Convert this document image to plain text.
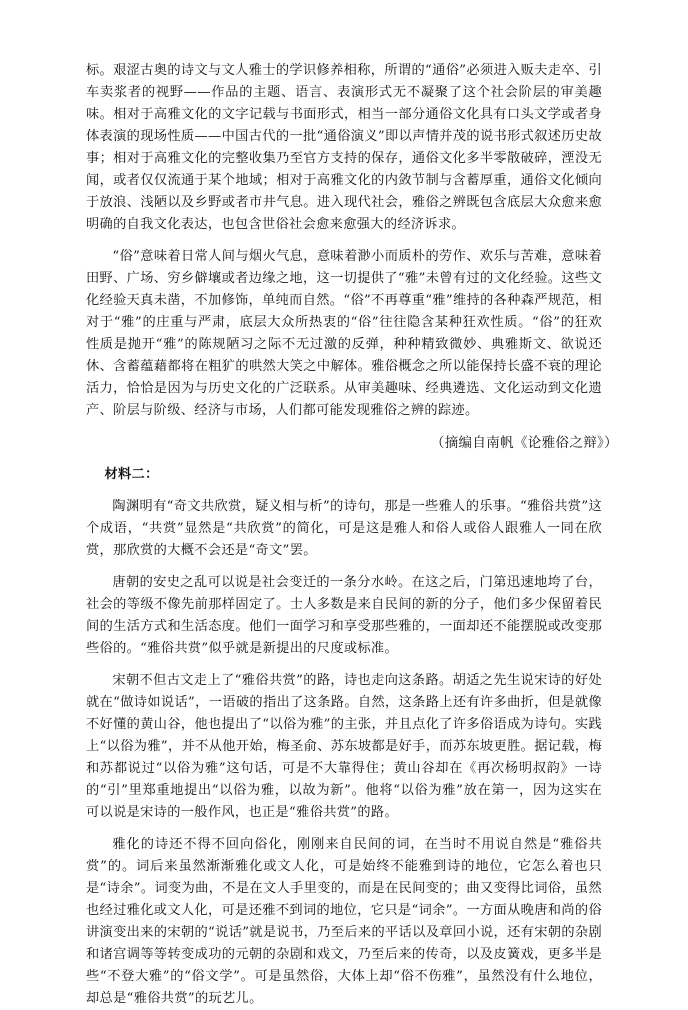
标。艰涩古奥的诗文与文人雅士的学识修养相称，所谓的“通俗”必须进入贩夫走卒、引车卖浆者的视野——作品的主题、语言、表演形式无不凝聚了这个社会阶层的审美趣味。相对于高雅文化的文字记载与书面形式，相当一部分通俗文化具有口头文学或者身体表演的现场性质——中国古代的一批“通俗演义”即以声情并茂的说书形式叙述历史故事；相对于高雅文化的完整收集乃至官方支持的保存，通俗文化多半零散破碎，湮没无闻，或者仅仅流通于某个地域；相对于高雅文化的内敛节制与含蓄厚重，通俗文化倾向于放浪、浅陋以及乡野或者市井气息。进入现代社会，雅俗之辨既包含底层大众愈来愈明确的自我文化表达，也包含世俗社会愈来愈强大的经济诉求。

“俗”意味着日常人间与烟火气息，意味着渺小而质朴的劳作、欢乐与苦难，意味着田野、广场、穷乡僻壤或者边缘之地，这一切提供了“雅”未曾有过的文化经验。这些文化经验天真未凿，不加修饰，单纯而自然。“俗”不再尊重“雅”维持的各种森严规范，相对于“雅”的庄重与严肃，底层大众所热衷的“俗”往往隐含某种狂欢性质。“俗”的狂欢性质是抛开“雅”的陈规陋习之际不无过激的反弹，种种精致微妙、典雅斯文、欲说还休、含蓄蕴藉都将在粗犷的哄然大笑之中解体。雅俗概念之所以能保持长盛不衰的理论活力，恰恰是因为与历史文化的广泛联系。从审美趣味、经典遴选、文化运动到文化遗产、阶层与阶级、经济与市场，人们都可能发现雅俗之辨的踪迹。

（摘编自南帆《论雅俗之辩》）

材料二：

陶渊明有“奇文共欣赏，疑义相与析”的诗句，那是一些雅人的乐事。“雅俗共赏”这个成语，“共赏”显然是“共欣赏”的简化，可是这是雅人和俗人或俗人跟雅人一同在欣赏，那欣赏的大概不会还是“奇文”罢。

唐朝的安史之乱可以说是社会变迁的一条分水岭。在这之后，门第迅速地垮了台，社会的等级不像先前那样固定了。士人多数是来自民间的新的分子，他们多少保留着民间的生活方式和生活态度。他们一面学习和享受那些雅的，一面却还不能摆脱或改变那些俗的。“雅俗共赏”似乎就是新提出的尺度或标准。

宋朝不但古文走上了“雅俗共赏”的路，诗也走向这条路。胡适之先生说宋诗的好处就在“做诗如说话”，一语破的指出了这条路。自然，这条路上还有许多曲折，但是就像不好懂的黄山谷，他也提出了“以俗为雅”的主张，并且点化了许多俗语成为诗句。实践上“以俗为雅”，并不从他开始，梅圣俞、苏东坡都是好手，而苏东坡更胜。据记载，梅和苏都说过“以俗为雅”这句话，可是不大靠得住；黄山谷却在《再次杨明叔韵》一诗的“引”里郑重地提出“以俗为雅，以故为新”。他将“以俗为雅”放在第一，因为这实在可以说是宋诗的一般作风，也正是“雅俗共赏”的路。

雅化的诗还不得不回向俗化，刚刚来自民间的词，在当时不用说自然是“雅俗共赏”的。词后来虽然渐渐雅化或文人化，可是始终不能雅到诗的地位，它怎么着也只是“诗余”。词变为曲，不是在文人手里变的，而是在民间变的；曲又变得比词俗，虽然也经过雅化或文人化，可是还雅不到词的地位，它只是“词余”。一方面从晚唐和尚的俗讲演变出来的宋朝的“说话”就是说书，乃至后来的平话以及章回小说，还有宋朝的杂剧和诸宫调等等转变成功的元朝的杂剧和戏文，乃至后来的传奇，以及皮簧戏，更多半是些“不登大雅”的“俗文学”。可是虽然俗，大体上却“俗不伤雅”，虽然没有什么地位，却总是“雅俗共赏”的玩艺儿。
